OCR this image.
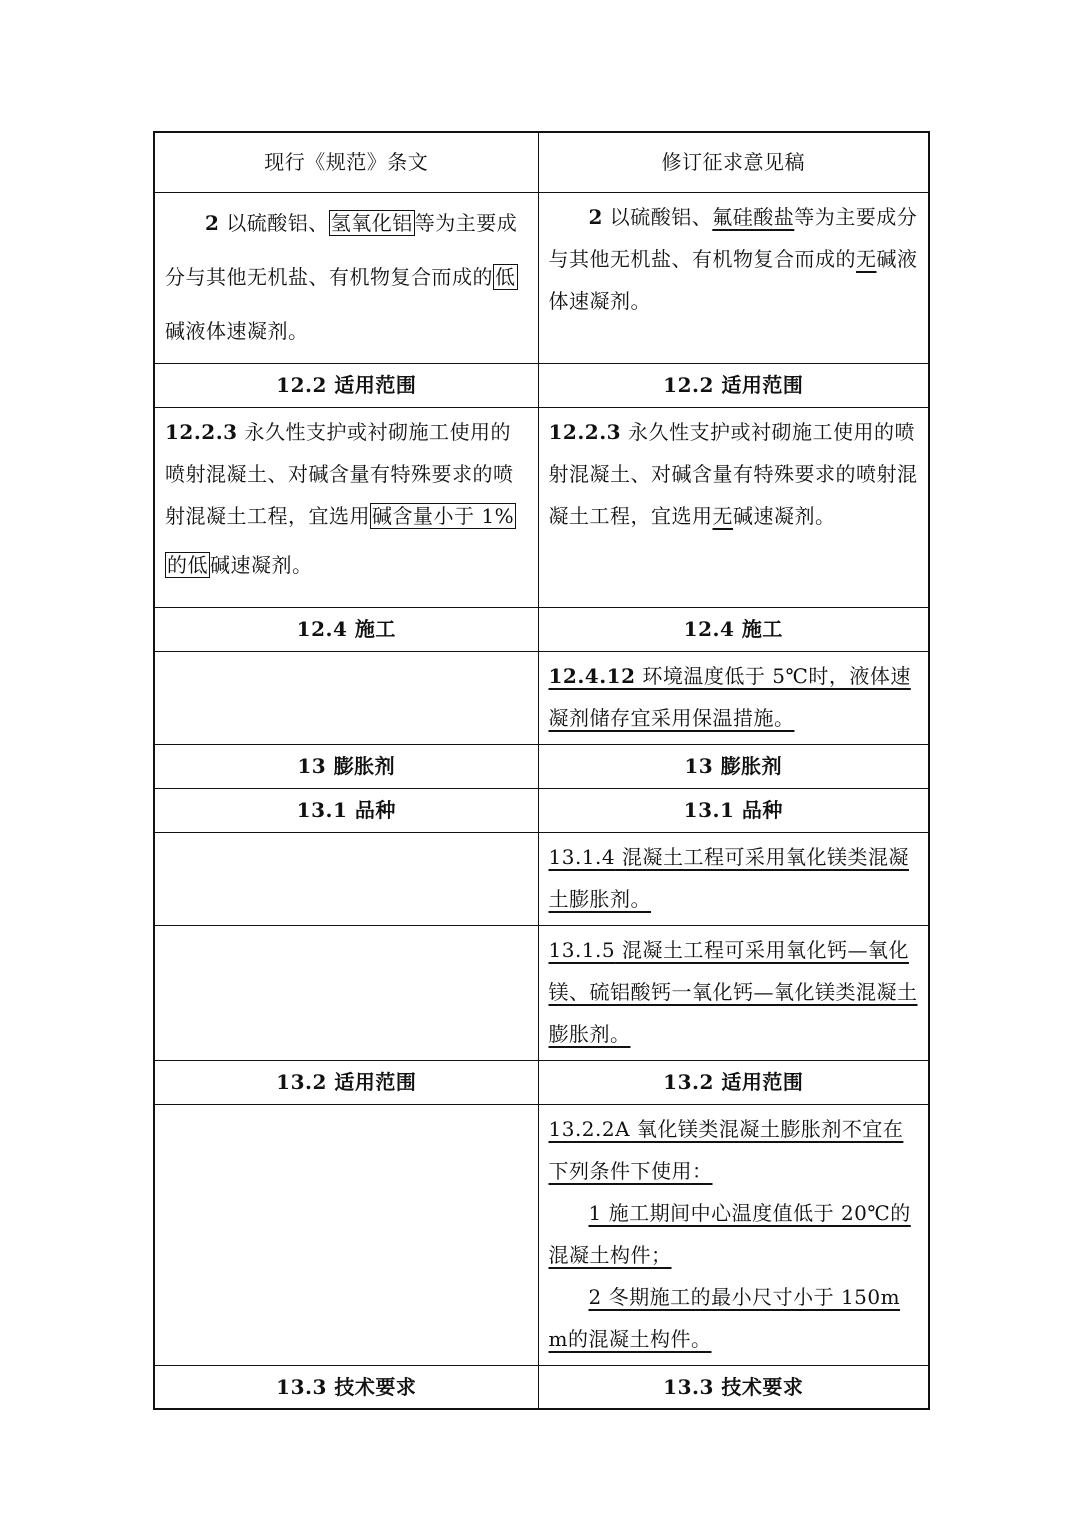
现行《规范》条文	修订征求意见稿

2 以硫酸铝、 氢氧化铝 等为主要成分与其他无机盐、有机物复合而成的 低碱液体速凝剂。	2 以硫酸铝、氟硅酸盐等为主要成分与其他无机盐、有机物复合而成的无碱液体速凝剂。

12.2 适用范围	12.2 适用范围

12.2.3 永久性支护或衬砌施工使用的喷射混凝土、对碱含量有特殊要求的喷射混凝土工程，宜选用 碱含量小于 1%
的低 碱速凝剂。	12.2.3 永久性支护或衬砌施工使用的喷射混凝土、对碱含量有特殊要求的喷射混凝土工程，宜选用无碱速凝剂。

12.4 施工	12.4 施工

	12.4.12 环境温度低于 5℃时，液体速凝剂储存宜采用保温措施。

13 膨胀剂	13 膨胀剂
13.1 品种	13.1 品种

	13.1.4 混凝土工程可采用氧化镁类混凝土膨胀剂。

	13.1.5 混凝土工程可采用氧化钙—氧化镁、硫铝酸钙一氧化钙—氧化镁类混凝土膨胀剂。

13.2 适用范围	13.2 适用范围

	13.2.2A 氧化镁类混凝土膨胀剂不宜在下列条件下使用：

1 施工期间中心温度值低于 20℃的混凝土构件；

2 冬期施工的最小尺寸小于 150mm的混凝土构件。

13.3 技术要求	13.3 技术要求
